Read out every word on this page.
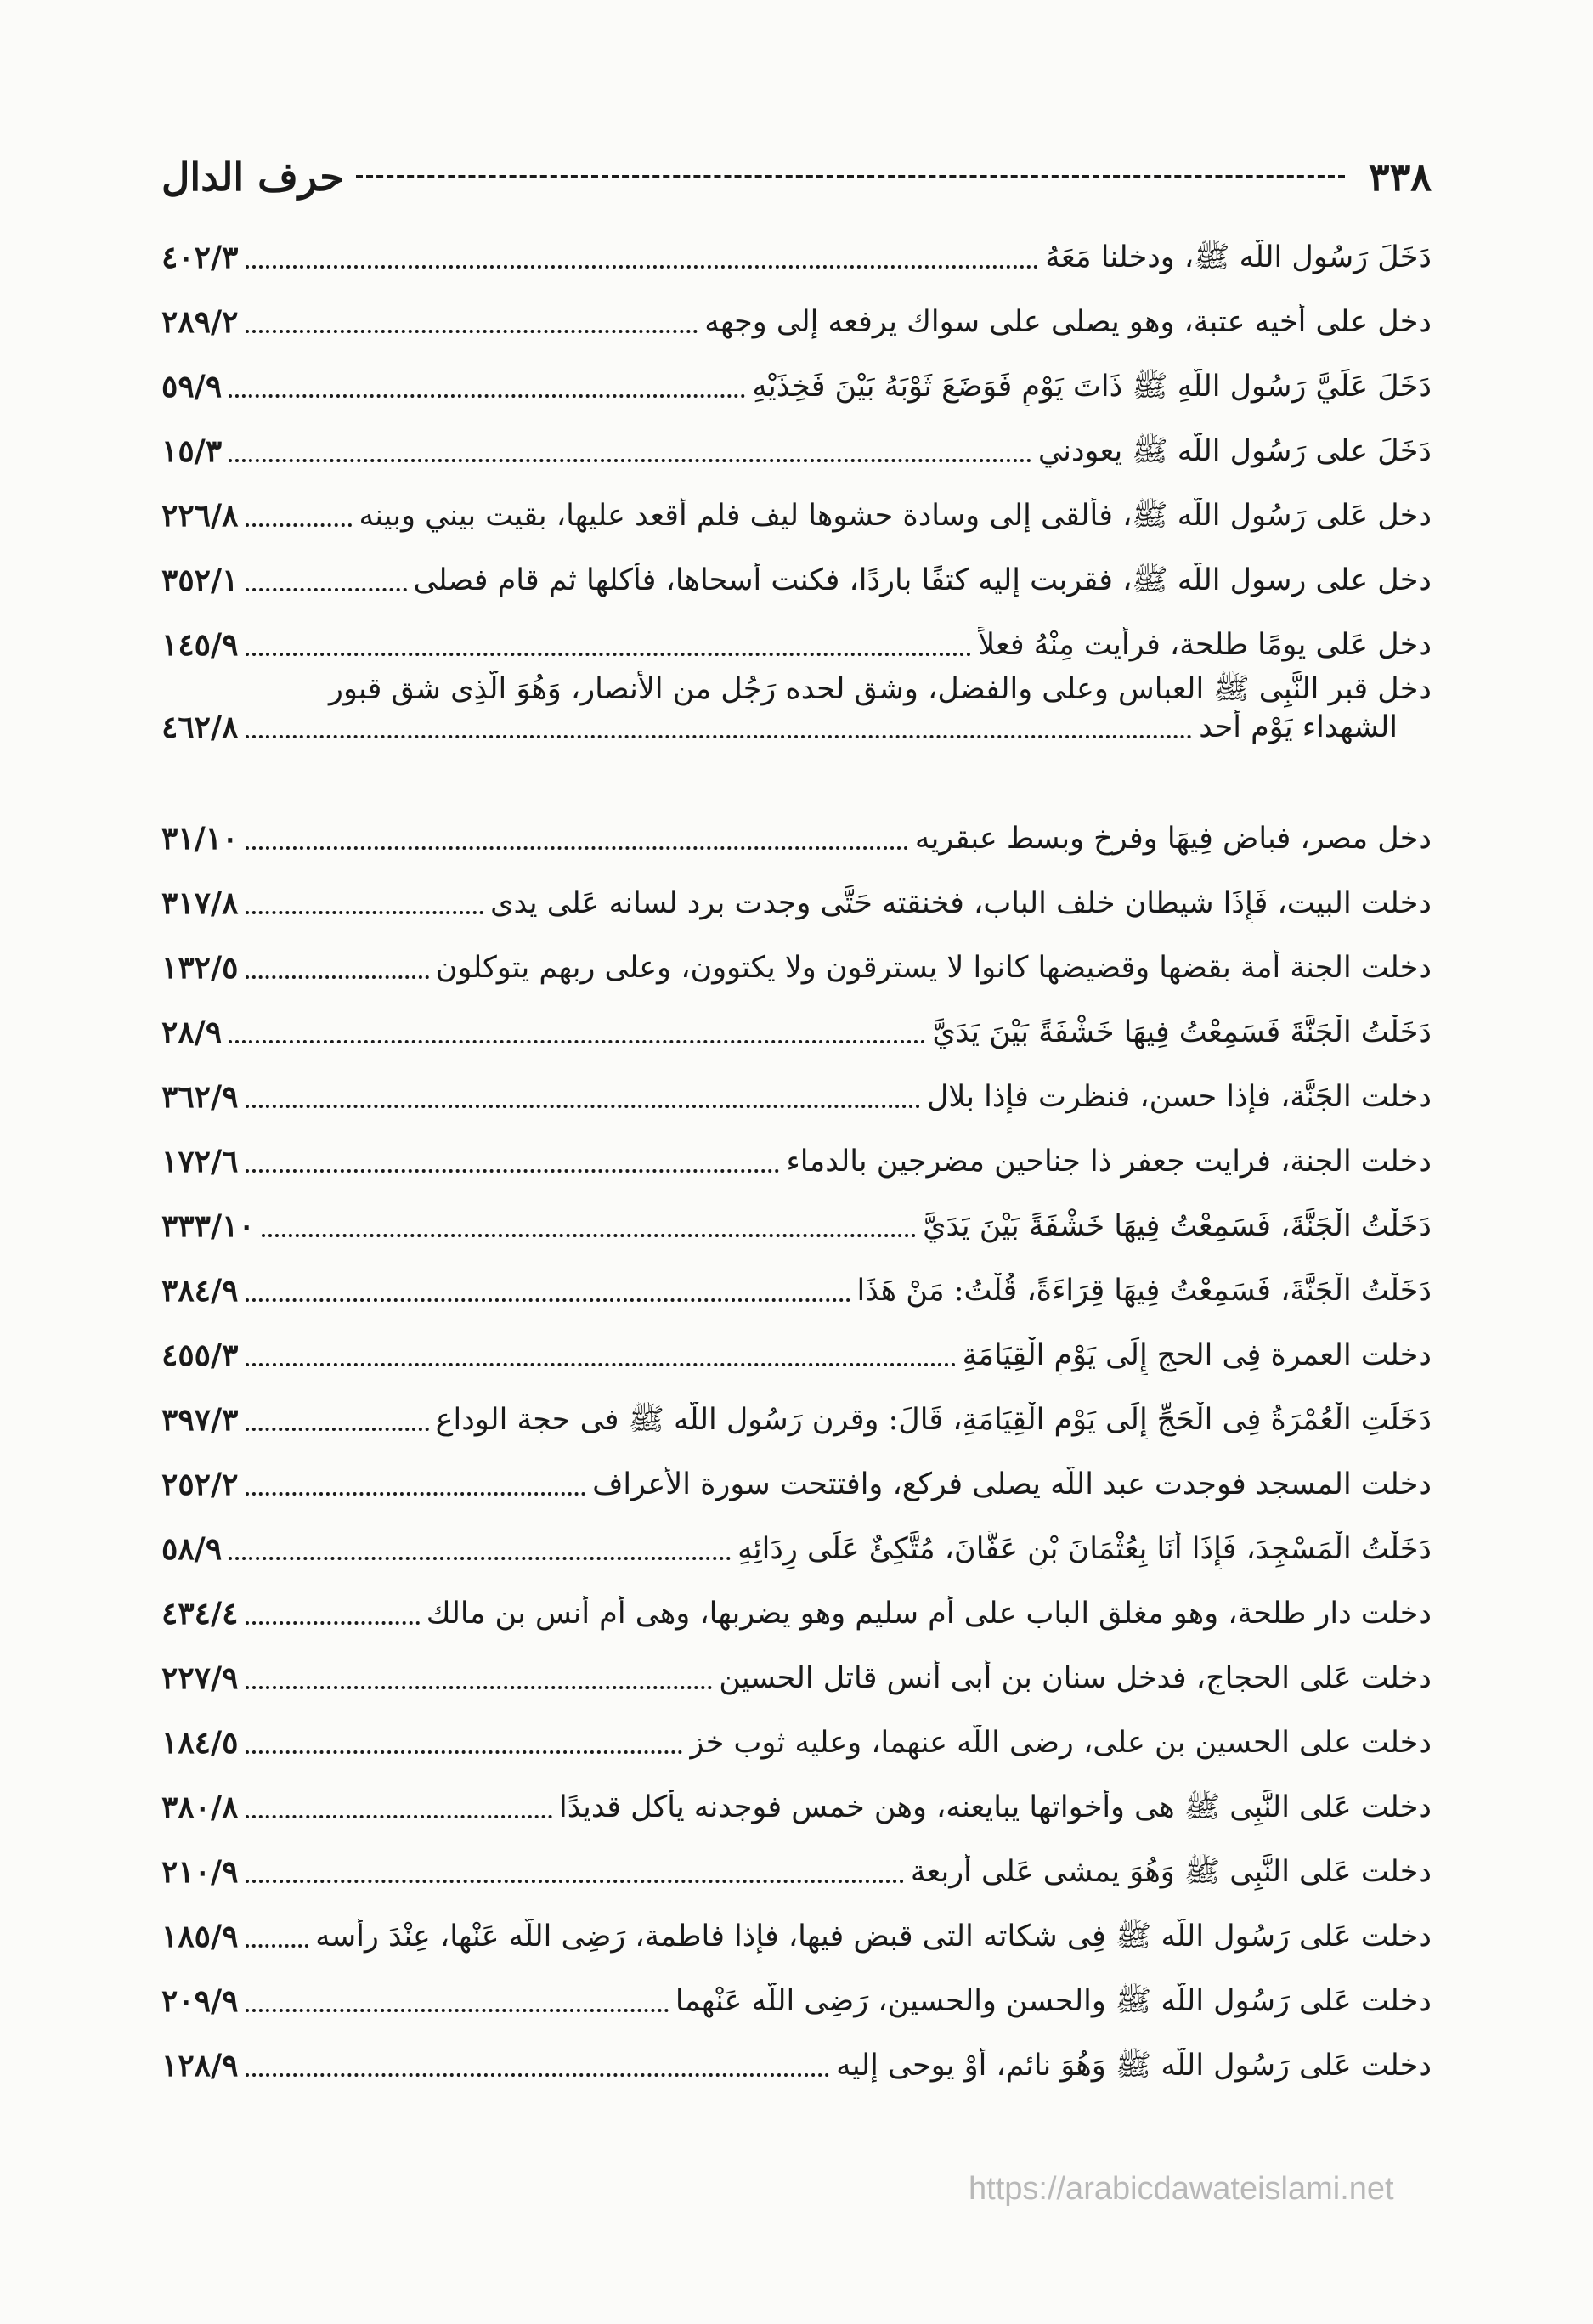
٣٣٨
حرف الدال
دَخَلَ رَسُول اللَّه ﷺ، ودخلنا مَعَهُ
٤٠٢/٣
دخل على أخيه عتبة، وهو يصلى على سواك يرفعه إلى وجهه
٢٨٩/٢
دَخَلَ عَلَيَّ رَسُول اللَّهِ ﷺ ذَاتَ يَوْمٍ فَوَضَعَ ثَوْبَهُ بَيْنَ فَخِذَيْهِ
٥٩/٩
دَخَلَ على رَسُول اللَّه ﷺ يعودني
١٥/٣
دخل عَلى رَسُول اللَّه ﷺ، فألقى إلى وسادة حشوها ليف فلم أقعد عليها، بقيت بيني وبينه
٢٢٦/٨
دخل على رسول اللَّه ﷺ، فقربت إليه كتفًا باردًا، فكنت أسحاها، فأكلها ثم قام فصلى
٣٥٢/١
دخل عَلى يومًا طلحة، فرأيت مِنْهُ فعلاً
١٤٥/٩
دخل قبر النَّبِى ﷺ العباس وعلى والفضل، وشق لحده رَجُل من الأنصار، وَهُوَ الَّذِى شق قبور
الشهداء يَوْم أحد
٤٦٢/٨
دخل مصر، فباض فِيهَا وفرخ وبسط عبقريه
٣١/١٠
دخلت البيت، فَإِذَا شيطان خلف الباب، فخنقته حَتَّى وجدت برد لسانه عَلى يدى
٣١٧/٨
دخلت الجنة أمة بقضها وقضيضها كانوا لا يسترقون ولا يكتوون، وعلى ربهم يتوكلون
١٣٢/٥
دَخَلْتُ الْجَنَّةَ فَسَمِعْتُ فِيهَا خَشْفَةً بَيْنَ يَدَيَّ
٢٨/٩
دخلت الجَنَّة، فإذا حسن، فنظرت فإذا بلال
٣٦٢/٩
دخلت الجنة، فرايت جعفر ذا جناحين مضرجين بالدماء
١٧٢/٦
دَخَلْتُ الْجَنَّةَ، فَسَمِعْتُ فِيهَا خَشْفَةً بَيْنَ يَدَيَّ
٣٣٣/١٠
دَخَلْتُ الْجَنَّةَ، فَسَمِعْتُ فِيهَا قِرَاءَةً، قُلْتُ: مَنْ هَذَا
٣٨٤/٩
دخلت العمرة فِى الحج إِلَى يَوْمِ الْقِيَامَةِ
٤٥٥/٣
دَخَلَتِ الْعُمْرَةُ فِى الْحَجِّ إِلَى يَوْمِ الْقِيَامَةِ، قَالَ: وقرن رَسُول اللَّه ﷺ فى حجة الوداع
٣٩٧/٣
دخلت المسجد فوجدت عبد اللَّه يصلى فركع، وافتتحت سورة الأعراف
٢٥٢/٢
دَخَلْتُ الْمَسْجِدَ، فَإِذَا أَنَا بِعُثْمَانَ بْنِ عَفَّانَ، مُتَّكِئٌ عَلَى رِدَائِهِ
٥٨/٩
دخلت دار طلحة، وهو مغلق الباب على أم سليم وهو يضربها، وهى أم أنس بن مالك
٤٣٤/٤
دخلت عَلى الحجاج، فدخل سنان بن أبى أنس قاتل الحسين
٢٢٧/٩
دخلت على الحسين بن على، رضى اللَّه عنهما، وعليه ثوب خز
١٨٤/٥
دخلت عَلى النَّبِى ﷺ هى وأخواتها يبايعنه، وهن خمس فوجدنه يأكل قديدًا
٣٨٠/٨
دخلت عَلى النَّبِى ﷺ وَهُوَ يمشى عَلى أربعة
٢١٠/٩
دخلت عَلى رَسُول اللَّه ﷺ فِى شكاته التى قبض فيها، فإذا فاطمة، رَضِى اللَّه عَنْها، عِنْدَ رأسه
١٨٥/٩
دخلت عَلى رَسُول اللَّه ﷺ والحسن والحسين، رَضِى اللَّه عَنْهما
٢٠٩/٩
دخلت عَلى رَسُول اللَّه ﷺ وَهُوَ نائم، أَوْ يوحى إليه
١٢٨/٩
https://arabicdawateislami.net
